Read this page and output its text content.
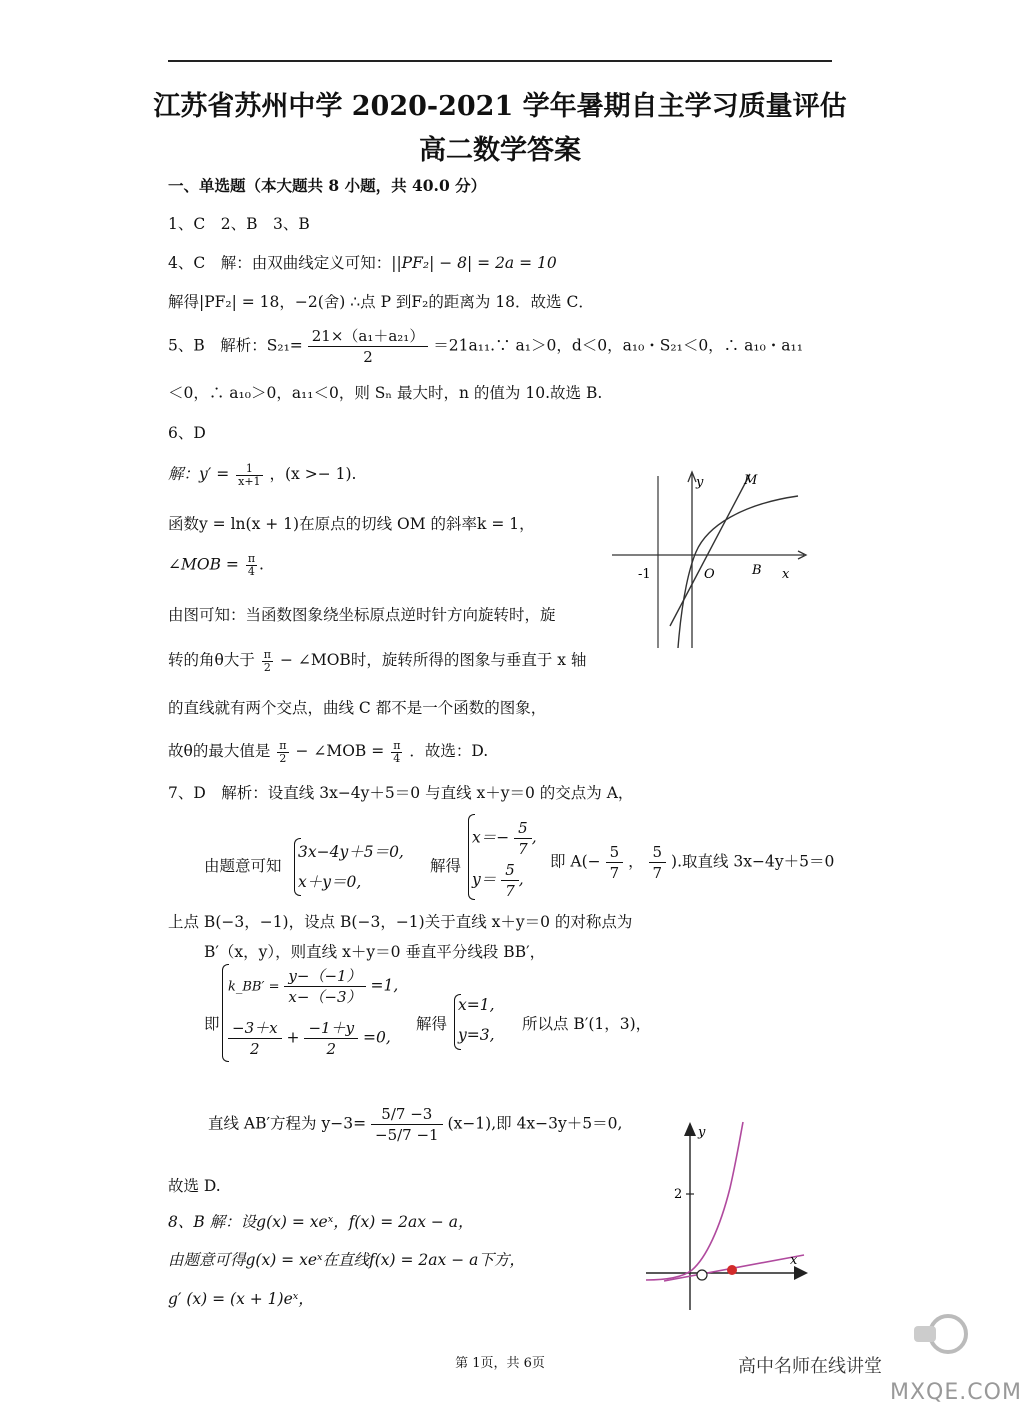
江苏省苏州中学 2020-2021 学年暑期自主学习质量评估
高二数学答案
一、单选题（本大题共 8 小题，共 40.0 分）
1、C　2、B　3、B
4、C　解：由双曲线定义可知：||PF₂| − 8| = 2a = 10
解得|PF₂| = 18，−2(舍) ∴点 P 到F₂的距离为 18．故选 C．
5、B　解析：$S_{21}= \frac{\text{21×（a₁＋a₂₁）}}{2}$ ＝21a₁₁.∵ a₁＞0，d＜0，a₁₀・S₂₁＜0，∴ a₁₀・a₁₁
＜0，∴ a₁₀＞0，a₁₁＜0，则 Sₙ 最大时，n 的值为 10.故选 B.
6、D
解：$y' = \frac{1}{x+1}$ ，(x >− 1).
函数y = ln(x + 1)在原点的切线 OM 的斜率k = 1，
∠MOB = $\frac{\pi}{4}$ .
由图可知：当函数图象绕坐标原点逆时针方向旋转时，旋
转的角θ大于 $\frac{\pi}{2}$ − ∠MOB时，旋转所得的图象与垂直于 x 轴
的直线就有两个交点，曲线 C 都不是一个函数的图象，
故θ的最大值是 $\frac{\pi}{2}$ − ∠MOB = $\frac{\pi}{4}$ ．故选：D.
y	M
-1	O	B x
7、D　解析：设直线 3x−4y＋5＝0 与直线 x＋y＝0 的交点为 A，
由题意可知
3x−4y＋5＝0,
x＋y＝0,
解得
$x=- \frac{5}{7}$ ,
$y= \frac{5}{7}$ ,
即 $A(- \frac{5}{7}$ ， $\frac{5}{7}$ ).取直线 3x−4y＋5＝0
上点 B(−3，−1)，设点 B(−3，−1)关于直线 x＋y＝0 的对称点为
B′（x，y），则直线 x＋y＝0 垂直平分线段 BB′，
即
k_BB′ = $\frac{y-(-1)}{x-(-3)} =1$,
$\frac{-3+x}{2} + \frac{-1+y}{2} =0$,
解得
x=1,
y=3,
所以点 B′(1，3)，
直线 AB′方程为 $y-3= \frac{5/7 -3}{-5/7 -1} (x-1)$,即 4x−3y＋5＝0,
故选 D.
8、B 解：设g(x) = xeˣ，f(x) = 2ax − a，
由题意可得g(x) = xeˣ在直线f(x) = 2ax − a下方，
g′ (x) = (x + 1)eˣ，
y
2
x
第 1页，共 6页	高中名师在线讲堂
MXQE.COM
